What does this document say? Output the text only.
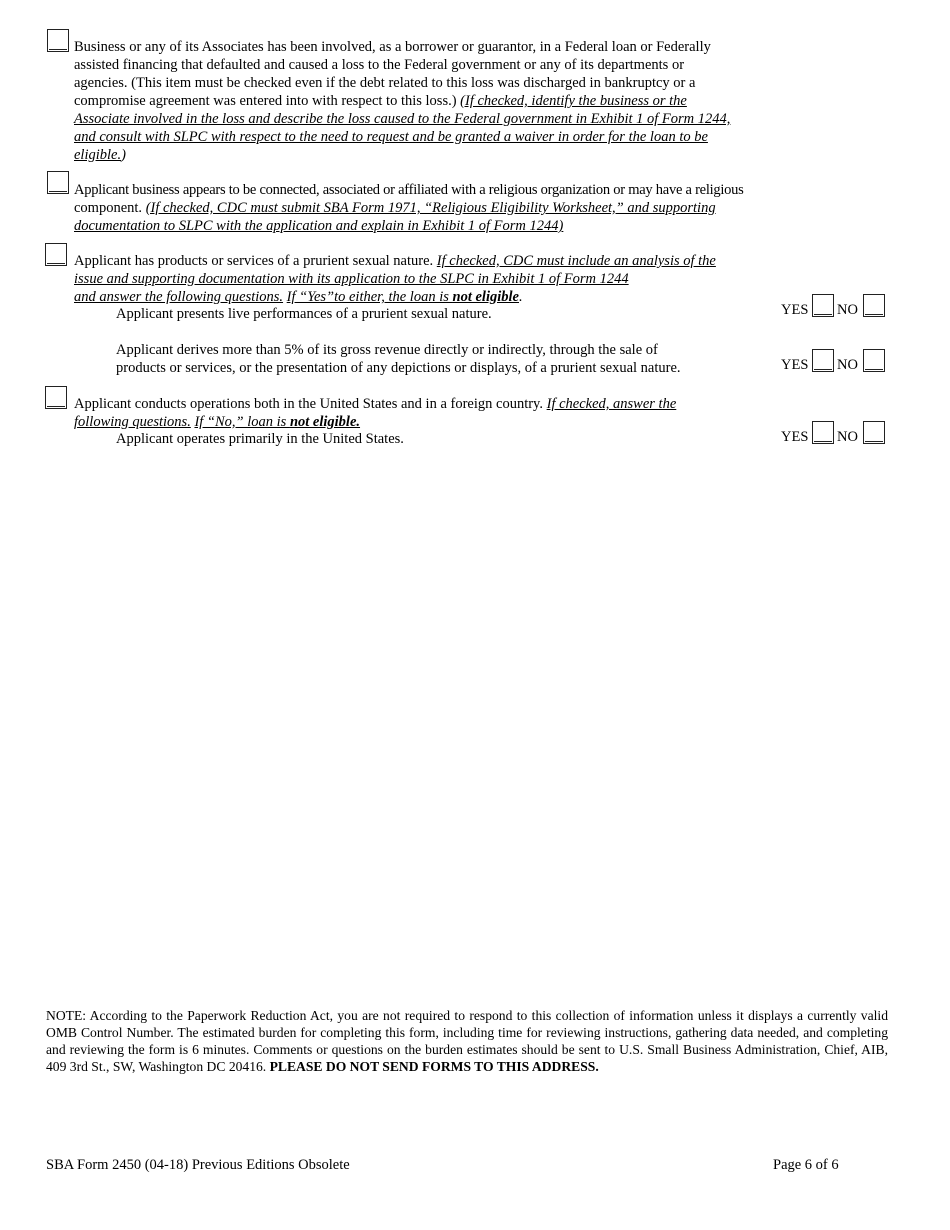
Business or any of its Associates has been involved, as a borrower or guarantor, in a Federal loan or Federally
assisted financing that defaulted and caused a loss to the Federal government or any of its departments or
agencies. (This item must be checked even if the debt related to this loss was discharged in bankruptcy or a
compromise agreement was entered into with respect to this loss.) (If checked, identify the business or the
Associate involved in the loss and describe the loss caused to the Federal government in Exhibit 1 of Form 1244,
and consult with SLPC with respect to the need to request and be granted a waiver in order for the loan to be
eligible.)
Applicant business appears to be connected, associated or affiliated with a religious organization or may have a religious
component. (If checked, CDC must submit SBA Form 1971, “Religious Eligibility Worksheet,” and supporting
documentation to SLPC with the application and explain in Exhibit 1 of Form 1244)
Applicant has products or services of a prurient sexual nature. If checked, CDC must include an analysis of the
issue and supporting documentation with its application to the SLPC in Exhibit 1 of Form 1244
and answer the following questions. If “Yes”to either, the loan is not eligible.
Applicant presents live performances of a prurient sexual nature.	YES NO
Applicant derives more than 5% of its gross revenue directly or indirectly, through the sale of
products or services, or the presentation of any depictions or displays, of a prurient sexual nature.	YES NO
Applicant conducts operations both in the United States and in a foreign country. If checked, answer the
following questions. If “No,” loan is not eligible.
Applicant operates primarily in the United States.	YES NO
NOTE: According to the Paperwork Reduction Act, you are not required to respond to this collection of information unless it displays a currently valid OMB Control Number. The estimated burden for completing this form, including time for reviewing instructions, gathering data needed, and completing and reviewing the form is 6 minutes. Comments or questions on the burden estimates should be sent to U.S. Small Business Administration, Chief, AIB, 409 3rd St., SW, Washington DC 20416. PLEASE DO NOT SEND FORMS TO THIS ADDRESS.
SBA Form 2450 (04-18) Previous Editions Obsolete	Page 6 of 6
